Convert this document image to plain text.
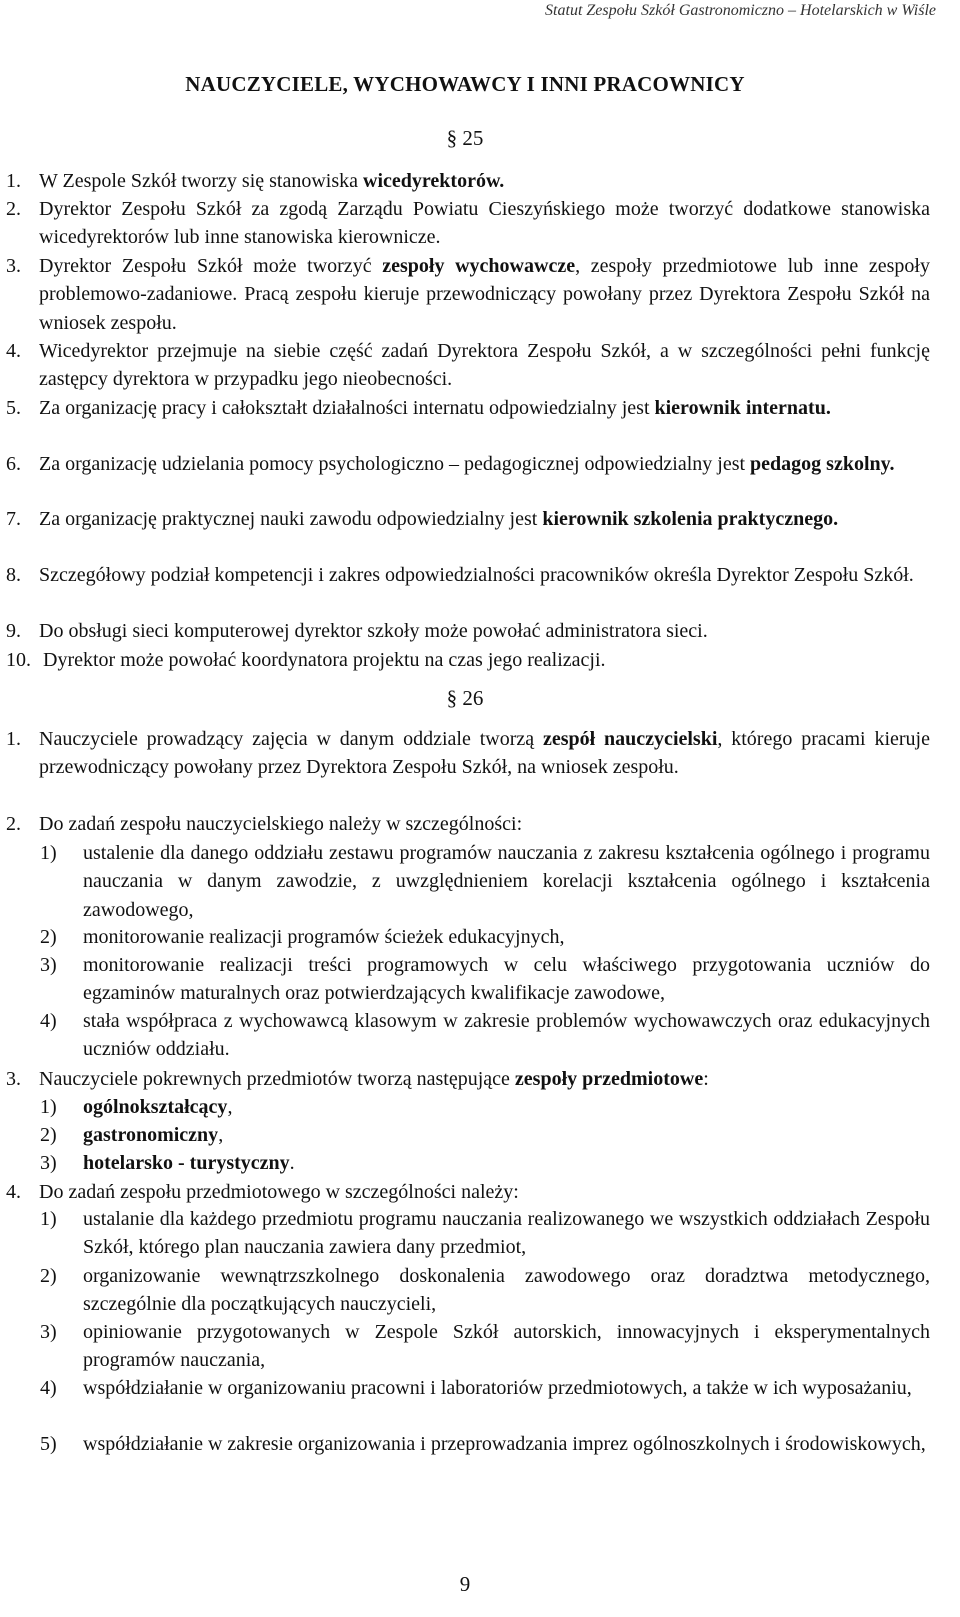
Statut Zespołu Szkół Gastronomiczno – Hotelarskich w Wiśle
NAUCZYCIELE, WYCHOWAWCY I INNI PRACOWNICY
§ 25
1. W Zespole Szkół tworzy się stanowiska wicedyrektorów.
2. Dyrektor Zespołu Szkół za zgodą Zarządu Powiatu Cieszyńskiego może tworzyć dodatkowe stanowiska wicedyrektorów lub inne stanowiska kierownicze.
3. Dyrektor Zespołu Szkół może tworzyć zespoły wychowawcze, zespoły przedmiotowe lub inne zespoły problemowo-zadaniowe. Pracą zespołu kieruje przewodniczący powołany przez Dyrektora Zespołu Szkół na wniosek zespołu.
4. Wicedyrektor przejmuje na siebie część zadań Dyrektora Zespołu Szkół, a w szczególności pełni funkcję zastępcy dyrektora w przypadku jego nieobecności.
5. Za organizację pracy i całokształt działalności internatu odpowiedzialny jest kierownik internatu.
6. Za organizację udzielania pomocy psychologiczno – pedagogicznej odpowiedzialny jest pedagog szkolny.
7. Za organizację praktycznej nauki zawodu odpowiedzialny jest kierownik szkolenia praktycznego.
8. Szczegółowy podział kompetencji i zakres odpowiedzialności pracowników określa Dyrektor Zespołu Szkół.
9. Do obsługi sieci komputerowej dyrektor szkoły może powołać administratora sieci.
10. Dyrektor może powołać koordynatora projektu na czas jego realizacji.
§ 26
1. Nauczyciele prowadzący zajęcia w danym oddziale tworzą zespół nauczycielski, którego pracami kieruje przewodniczący powołany przez Dyrektora Zespołu Szkół, na wniosek zespołu.
2. Do zadań zespołu nauczycielskiego należy w szczególności:
1)	ustalenie dla danego oddziału zestawu programów nauczania z zakresu kształcenia ogólnego i programu nauczania w danym zawodzie, z uwzględnieniem korelacji kształcenia ogólnego i kształcenia zawodowego,
2)	monitorowanie realizacji programów ścieżek edukacyjnych,
3)	monitorowanie realizacji treści programowych w celu właściwego przygotowania uczniów do egzaminów maturalnych oraz potwierdzających kwalifikacje zawodowe,
4)	stała współpraca z wychowawcą klasowym w zakresie problemów wychowawczych oraz edukacyjnych uczniów oddziału.
3. Nauczyciele pokrewnych przedmiotów tworzą następujące zespoły przedmiotowe:
1)	ogólnokształcący,
2)	gastronomiczny,
3)	hotelarsko - turystyczny.
4. Do zadań zespołu przedmiotowego w szczególności należy:
1)	ustalanie dla każdego przedmiotu programu nauczania realizowanego we wszystkich oddziałach Zespołu Szkół, którego plan nauczania zawiera dany przedmiot,
2)	organizowanie wewnątrzszkolnego doskonalenia zawodowego oraz doradztwa metodycznego, szczególnie dla początkujących nauczycieli,
3)	opiniowanie przygotowanych w Zespole Szkół autorskich, innowacyjnych i eksperymentalnych programów nauczania,
4)	współdziałanie w organizowaniu pracowni i laboratoriów przedmiotowych, a także w ich wyposażaniu,
5)	współdziałanie w zakresie organizowania i przeprowadzania imprez ogólnoszkolnych i środowiskowych,
9
